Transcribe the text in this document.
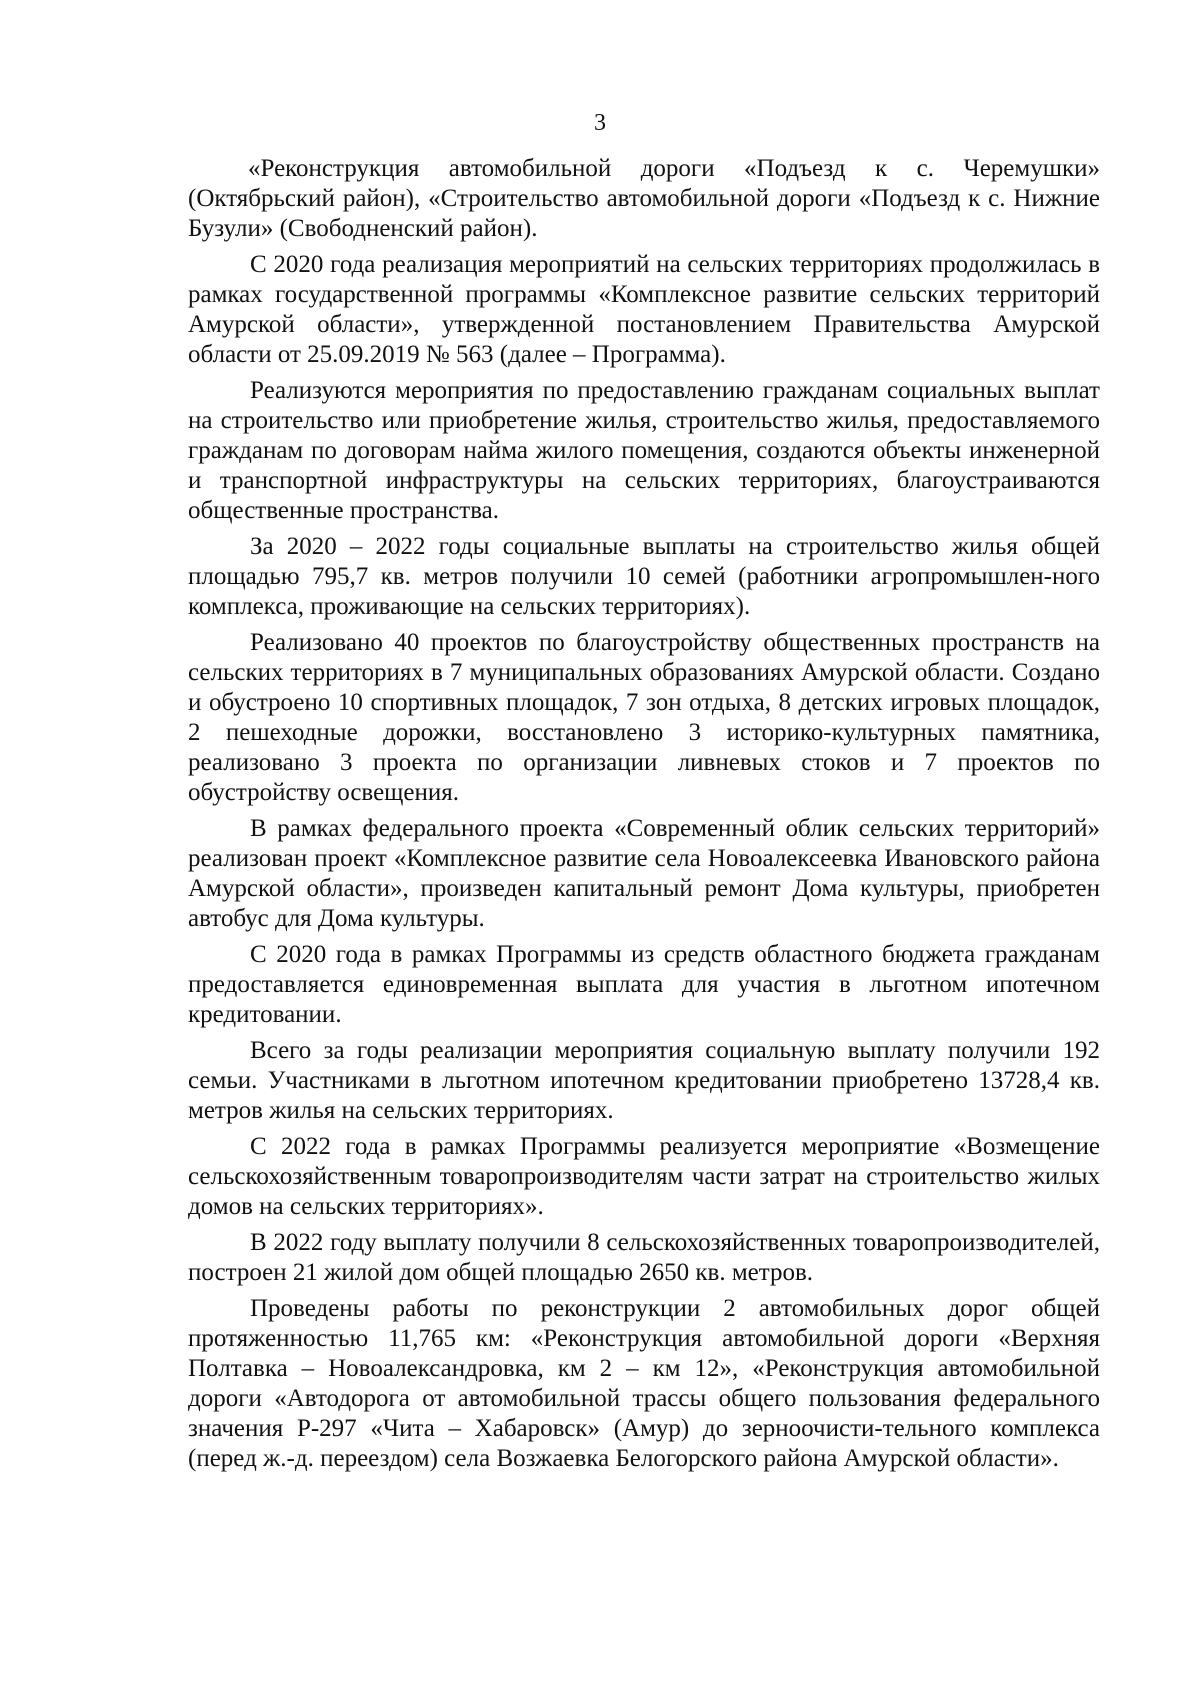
3

«Реконструкция автомобильной дороги «Подъезд к с. Черемушки» (Октябрьский район), «Строительство автомобильной дороги «Подъезд к с. Нижние Бузули» (Свободненский район).

С 2020 года реализация мероприятий на сельских территориях продолжилась в рамках государственной программы «Комплексное развитие сельских территорий Амурской области», утвержденной постановлением Правительства Амурской области от 25.09.2019 № 563 (далее – Программа).

Реализуются мероприятия по предоставлению гражданам социальных выплат на строительство или приобретение жилья, строительство жилья, предоставляемого гражданам по договорам найма жилого помещения, создаются объекты инженерной и транспортной инфраструктуры на сельских территориях, благоустраиваются общественные пространства.

За 2020 – 2022 годы социальные выплаты на строительство жилья общей площадью 795,7 кв. метров получили 10 семей (работники агропромышлен-ного комплекса, проживающие на сельских территориях).

Реализовано 40 проектов по благоустройству общественных пространств на сельских территориях в 7 муниципальных образованиях Амурской области. Создано и обустроено 10 спортивных площадок, 7 зон отдыха, 8 детских игровых площадок, 2 пешеходные дорожки, восстановлено 3 историко-культурных памятника, реализовано 3 проекта по организации ливневых стоков и 7 проектов по обустройству освещения.

В рамках федерального проекта «Современный облик сельских территорий» реализован проект «Комплексное развитие села Новоалексеевка Ивановского района Амурской области», произведен капитальный ремонт Дома культуры, приобретен автобус для Дома культуры.

С 2020 года в рамках Программы из средств областного бюджета гражданам предоставляется единовременная выплата для участия в льготном ипотечном кредитовании.

Всего за годы реализации мероприятия социальную выплату получили 192 семьи. Участниками в льготном ипотечном кредитовании приобретено 13728,4 кв. метров жилья на сельских территориях.

С 2022 года в рамках Программы реализуется мероприятие «Возмещение сельскохозяйственным товаропроизводителям части затрат на строительство жилых домов на сельских территориях».

В 2022 году выплату получили 8 сельскохозяйственных товаропроизводителей, построен 21 жилой дом общей площадью 2650 кв. метров.

Проведены работы по реконструкции 2 автомобильных дорог общей протяженностью 11,765 км: «Реконструкция автомобильной дороги «Верхняя Полтавка – Новоалександровка, км 2 – км 12», «Реконструкция автомобильной дороги «Автодорога от автомобильной трассы общего пользования федерального значения Р-297 «Чита – Хабаровск» (Амур) до зерноочисти-тельного комплекса (перед ж.-д. переездом) села Возжаевка Белогорского района Амурской области».
